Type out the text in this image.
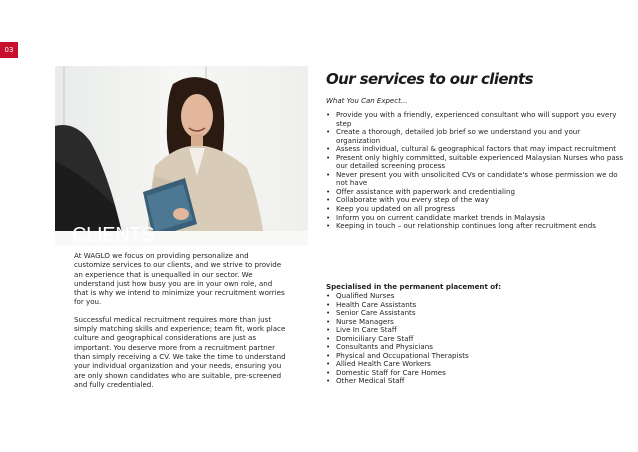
03
CLIENTS

At WAGLO we focus on providing personalize and customize services to our clients, and we strive to provide an experience that is unequalled in our sector. We understand just how busy you are in your own role, and that is why we intend to minimize your recruitment worries for you.

Successful medical recruitment requires more than just simply matching skills and experience; team fit, work place culture and geographical considerations are just as important. You deserve more from a recruitment partner than simply receiving a CV. We take the time to understand your individual organization and your needs, ensuring you are only shown candidates who are suitable, pre-screened and fully credentialed.

Our services to our clients
What You Can Expect...
• Provide you with a friendly, experienced consultant who will support you every step
• Create a thorough, detailed job brief so we understand you and your organization
• Assess individual, cultural & geographical factors that may impact recruitment
• Present only highly committed, suitable experienced Malaysian Nurses who pass our detailed screening process
• Never present you with unsolicited CVs or candidate's whose permission we do not have
• Offer assistance with paperwork and credentialing
• Collaborate with you every step of the way
• Keep you updated on all progress
• Inform you on current candidate market trends in Malaysia
• Keeping in touch – our relationship continues long after recruitment ends
Specialised in the permanent placement of:
• Qualified Nurses
• Health Care Assistants
• Senior Care Assistants
• Nurse Managers
• Live In Care Staff
• Domiciliary Care Staff
• Consultants and Physicians
• Physical and Occupational Therapists
• Allied Health Care Workers
• Domestic Staff for Care Homes
• Other Medical Staff
